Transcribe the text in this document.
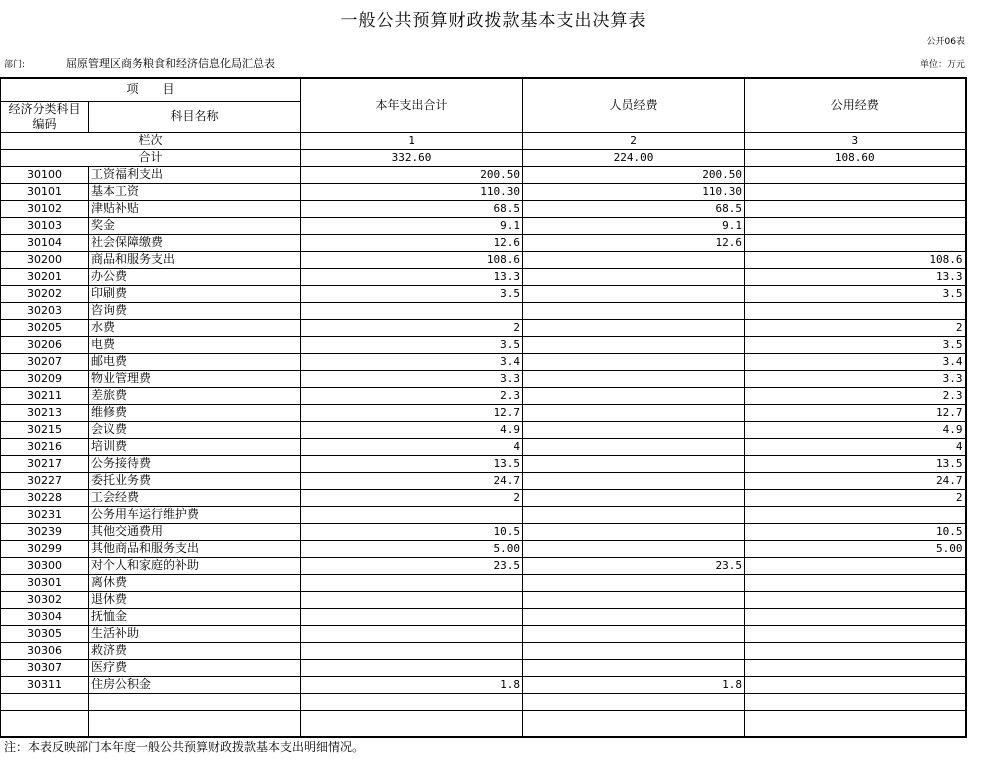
一般公共预算财政拨款基本支出决算表
公开06表
部门:	屈原管理区商务粮食和经济信息化局汇总表	单位：万元
项　　目		本年支出合计	人员经费	公用经费
经济分类科目编码	科目名称			
栏次		1	2	3
合计		332.60	224.00	108.60
30100	工资福利支出	200.50	200.50	
30101	基本工资	110.30	110.30	
30102	津贴补贴	68.5	68.5	
30103	奖金	9.1	9.1	
30104	社会保障缴费	12.6	12.6	
30200	商品和服务支出	108.6		108.6
30201	办公费	13.3		13.3
30202	印刷费	3.5		3.5
30203	咨询费			
30205	水费	2		2
30206	电费	3.5		3.5
30207	邮电费	3.4		3.4
30209	物业管理费	3.3		3.3
30211	差旅费	2.3		2.3
30213	维修费	12.7		12.7
30215	会议费	4.9		4.9
30216	培训费	4		4
30217	公务接待费	13.5		13.5
30227	委托业务费	24.7		24.7
30228	工会经费	2		2
30231	公务用车运行维护费			
30239	其他交通费用	10.5		10.5
30299	其他商品和服务支出	5.00		5.00
30300	对个人和家庭的补助	23.5	23.5	
30301	离休费			
30302	退休费			
30304	抚恤金			
30305	生活补助			
30306	救济费			
30307	医疗费			
30311	住房公积金	1.8	1.8	

注：本表反映部门本年度一般公共预算财政拨款基本支出明细情况。
